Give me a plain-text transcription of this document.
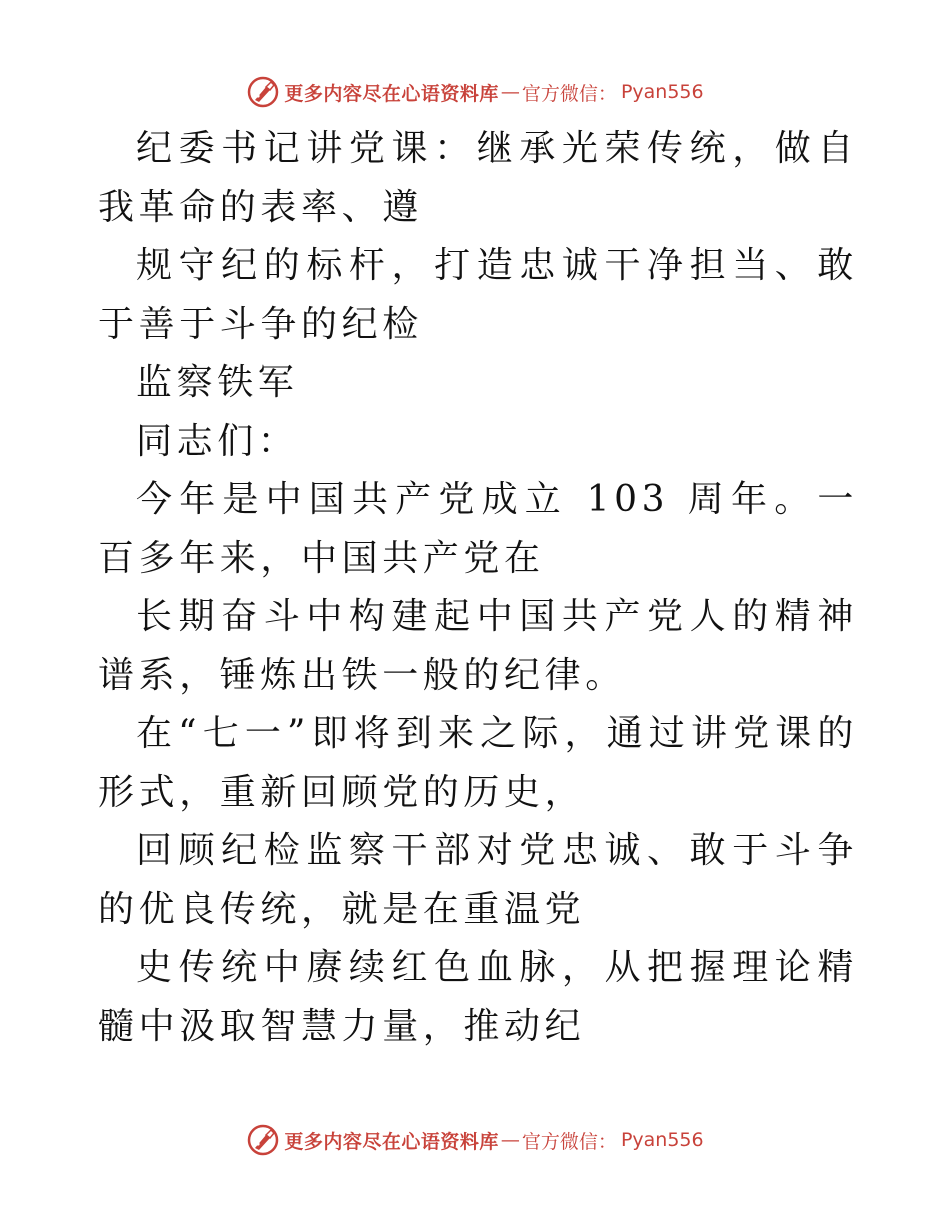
更多内容尽在心语资料库 — 官方微信： Pyan556

纪委书记讲党课：继承光荣传统，做自我革命的表率、遵

规守纪的标杆，打造忠诚干净担当、敢于善于斗争的纪检

监察铁军

同志们：

今年是中国共产党成立 103 周年。一百多年来，中国共产党在

长期奋斗中构建起中国共产党人的精神谱系，锤炼出铁一般的纪律。

在“七一”即将到来之际，通过讲党课的形式，重新回顾党的历史，

回顾纪检监察干部对党忠诚、敢于斗争的优良传统，就是在重温党

史传统中赓续红色血脉，从把握理论精髓中汲取智慧力量，推动纪

更多内容尽在心语资料库 — 官方微信： Pyan556
